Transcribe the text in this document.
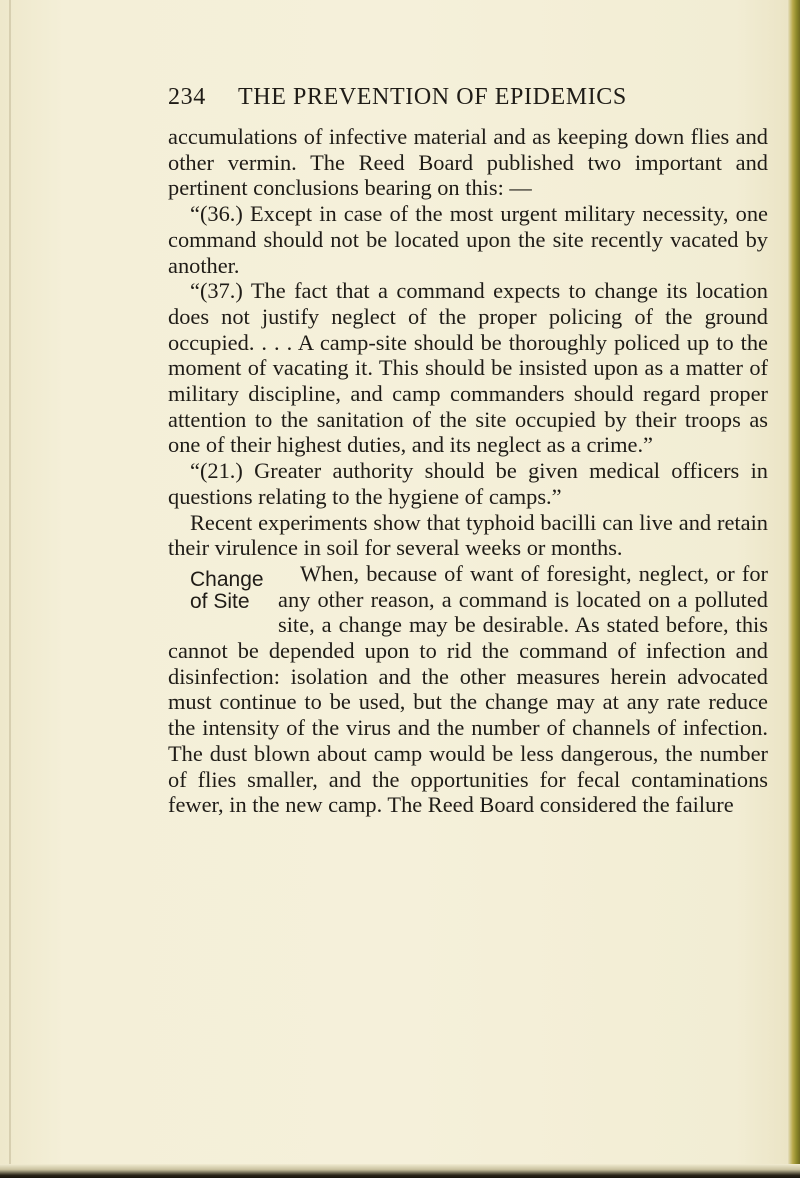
234 THE PREVENTION OF EPIDEMICS

accumulations of infective material and as keeping down flies and other vermin. The Reed Board published two important and pertinent conclusions bearing on this: —

“(36.) Except in case of the most urgent military necessity, one command should not be located upon the site recently vacated by another.

“(37.) The fact that a command expects to change its location does not justify neglect of the proper policing of the ground occupied. . . . A camp-site should be thoroughly policed up to the moment of vacating it. This should be insisted upon as a matter of military discipline, and camp commanders should regard proper attention to the sanitation of the site occupied by their troops as one of their highest duties, and its neglect as a crime.”

“(21.) Greater authority should be given medical officers in questions relating to the hygiene of camps.”

Recent experiments show that typhoid bacilli can live and retain their virulence in soil for several weeks or months.

Change
of Site
When, because of want of foresight, neglect, or for any other reason, a command is located on a polluted site, a change may be desirable. As stated before, this cannot be depended upon to rid the command of infection and disinfection: isolation and the other measures herein advocated must continue to be used, but the change may at any rate reduce the intensity of the virus and the number of channels of infection. The dust blown about camp would be less dangerous, the number of flies smaller, and the opportunities for fecal contaminations fewer, in the new camp. The Reed Board considered the failure
